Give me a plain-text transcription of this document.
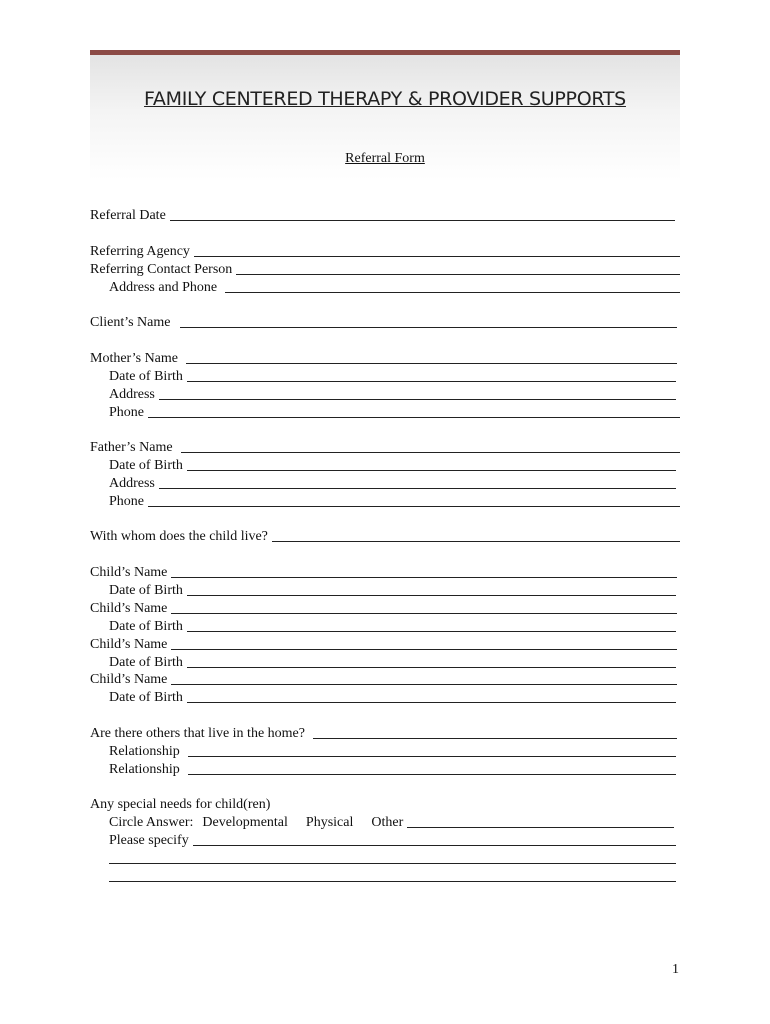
FAMILY CENTERED THERAPY & PROVIDER SUPPORTS
Referral Form
Referral Date
Referring Agency
Referring Contact Person
Address and Phone
Client’s Name
Mother’s Name
Date of Birth
Address
Phone
Father’s Name
Date of Birth
Address
Phone
With whom does the child live?
Child’s Name
Date of Birth
Child’s Name
Date of Birth
Child’s Name
Date of Birth
Child’s Name
Date of Birth
Are there others that live in the home?
Relationship
Relationship
Any special needs for child(ren)
Circle Answer: Developmental Physical Other
Please specify
1
